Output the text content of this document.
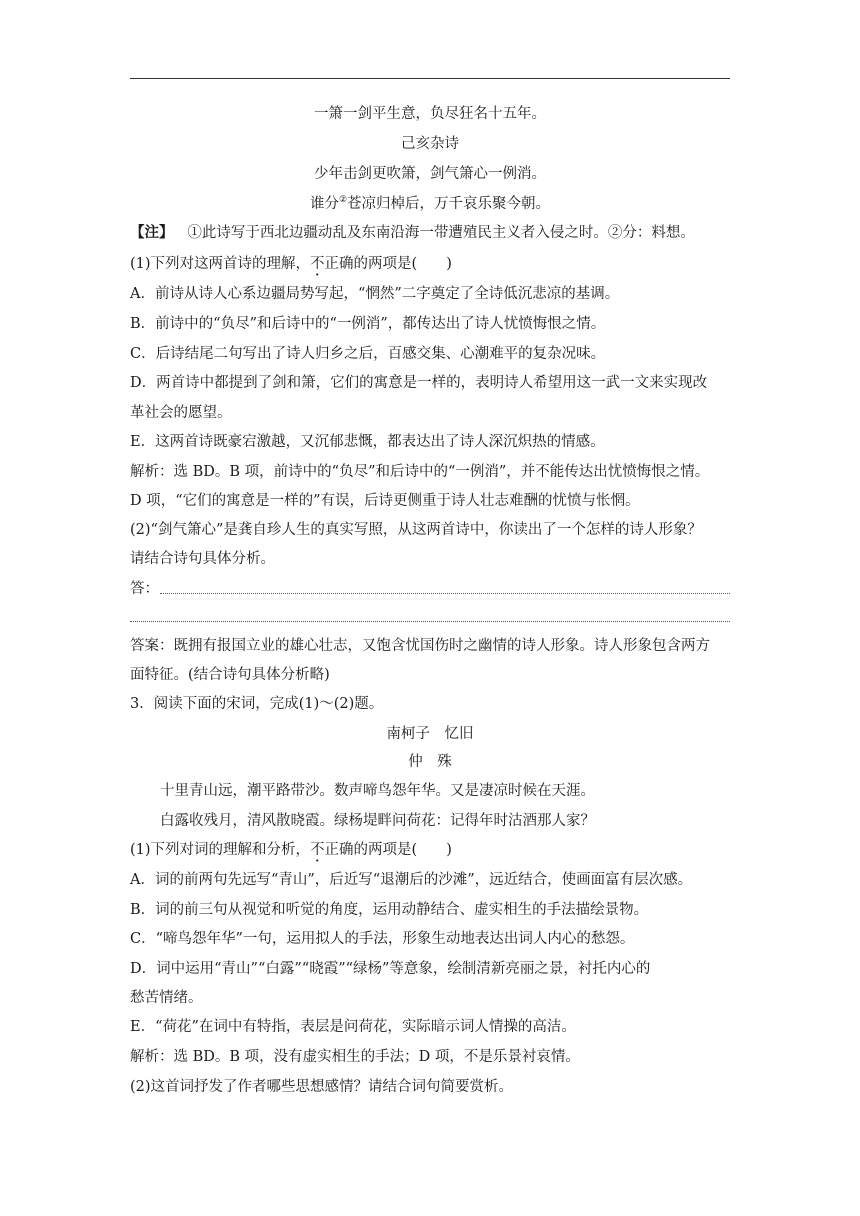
一箫一剑平生意，负尽狂名十五年。
己亥杂诗
少年击剑更吹箫，剑气箫心一例消。
谁分②苍凉归棹后，万千哀乐聚今朝。
【注】 ①此诗写于西北边疆动乱及东南沿海一带遭殖民主义者入侵之时。②分：料想。
(1)下列对这两首诗的理解，不正确的两项是(　　)
A．前诗从诗人心系边疆局势写起，“惘然”二字奠定了全诗低沉悲凉的基调。
B．前诗中的“负尽”和后诗中的“一例消”，都传达出了诗人忧愤悔恨之情。
C．后诗结尾二句写出了诗人归乡之后，百感交集、心潮难平的复杂况味。
D．两首诗中都提到了剑和箫，它们的寓意是一样的，表明诗人希望用这一武一文来实现改
革社会的愿望。
E．这两首诗既豪宕激越，又沉郁悲慨，都表达出了诗人深沉炽热的情感。
解析：选 BD。B 项，前诗中的“负尽”和后诗中的“一例消”，并不能传达出忧愤悔恨之情。
D 项，“它们的寓意是一样的”有误，后诗更侧重于诗人壮志难酬的忧愤与怅惘。
(2)“剑气箫心”是龚自珍人生的真实写照，从这两首诗中，你读出了一个怎样的诗人形象？
请结合诗句具体分析。
答：
答案：既拥有报国立业的雄心壮志，又饱含忧国伤时之幽情的诗人形象。诗人形象包含两方
面特征。(结合诗句具体分析略)
3．阅读下面的宋词，完成(1)～(2)题。
南柯子　忆旧
仲　殊
十里青山远，潮平路带沙。数声啼鸟怨年华。又是凄凉时候在天涯。
白露收残月，清风散晓霞。绿杨堤畔问荷花：记得年时沽酒那人家？
(1)下列对词的理解和分析，不正确的两项是(　　)
A．词的前两句先远写“青山”，后近写“退潮后的沙滩”，远近结合，使画面富有层次感。
B．词的前三句从视觉和听觉的角度，运用动静结合、虚实相生的手法描绘景物。
C．“啼鸟怨年华”一句，运用拟人的手法，形象生动地表达出词人内心的愁怨。
D．词中运用“青山”“白露”“晓霞”“绿杨”等意象，绘制清新亮丽之景，衬托内心的
愁苦情绪。
E．“荷花”在词中有特指，表层是问荷花，实际暗示词人情操的高洁。
解析：选 BD。B 项，没有虚实相生的手法；D 项，不是乐景衬哀情。
(2)这首词抒发了作者哪些思想感情？请结合词句简要赏析。
